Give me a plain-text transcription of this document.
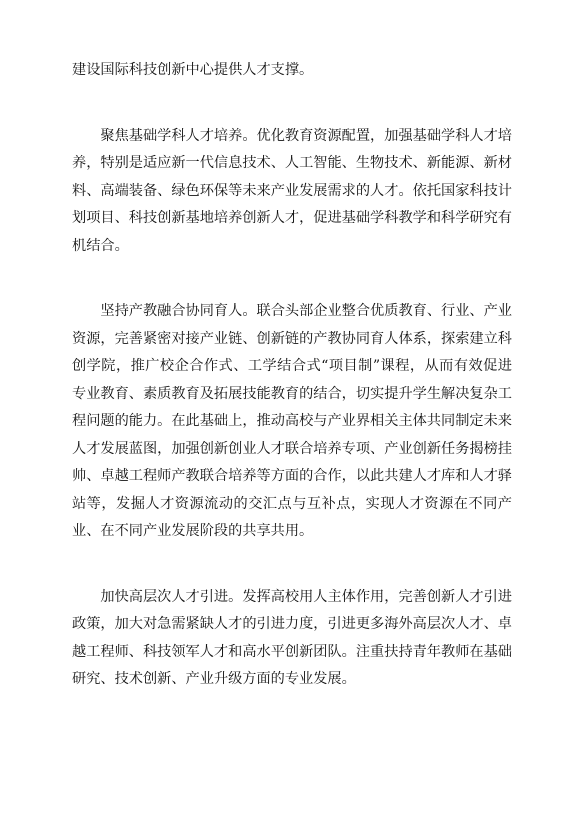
建设国际科技创新中心提供人才支撑。

聚焦基础学科人才培养。优化教育资源配置，加强基础学科人才培养，特别是适应新一代信息技术、人工智能、生物技术、新能源、新材料、高端装备、绿色环保等未来产业发展需求的人才。依托国家科技计划项目、科技创新基地培养创新人才，促进基础学科教学和科学研究有机结合。

坚持产教融合协同育人。联合头部企业整合优质教育、行业、产业资源，完善紧密对接产业链、创新链的产教协同育人体系，探索建立科创学院，推广校企合作式、工学结合式“项目制”课程，从而有效促进专业教育、素质教育及拓展技能教育的结合，切实提升学生解决复杂工程问题的能力。在此基础上，推动高校与产业界相关主体共同制定未来人才发展蓝图，加强创新创业人才联合培养专项、产业创新任务揭榜挂帅、卓越工程师产教联合培养等方面的合作，以此共建人才库和人才驿站等，发掘人才资源流动的交汇点与互补点，实现人才资源在不同产业、在不同产业发展阶段的共享共用。

加快高层次人才引进。发挥高校用人主体作用，完善创新人才引进政策，加大对急需紧缺人才的引进力度，引进更多海外高层次人才、卓越工程师、科技领军人才和高水平创新团队。注重扶持青年教师在基础研究、技术创新、产业升级方面的专业发展。
